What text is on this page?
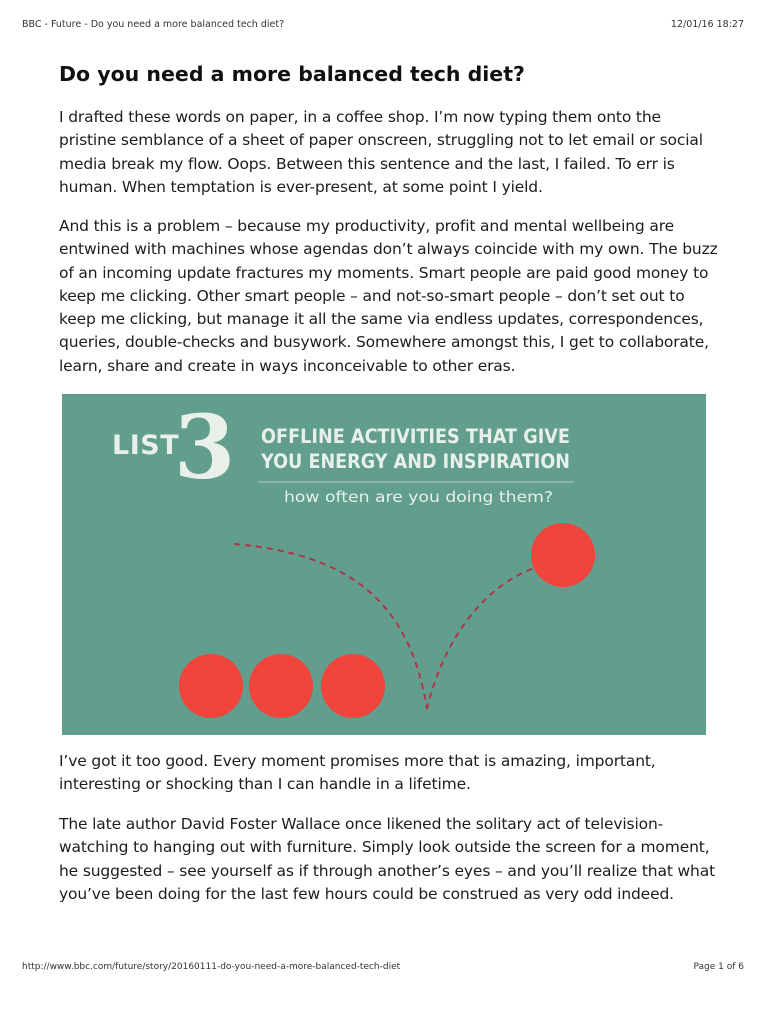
BBC - Future - Do you need a more balanced tech diet?	12/01/16 18:27
Do you need a more balanced tech diet?

I drafted these words on paper, in a coffee shop. I’m now typing them onto the pristine semblance of a sheet of paper onscreen, struggling not to let email or social media break my flow. Oops. Between this sentence and the last, I failed. To err is human. When temptation is ever-present, at some point I yield.

And this is a problem – because my productivity, profit and mental wellbeing are entwined with machines whose agendas don’t always coincide with my own. The buzz of an incoming update fractures my moments. Smart people are paid good money to keep me clicking. Other smart people – and not-so-smart people – don’t set out to keep me clicking, but manage it all the same via endless updates, correspondences, queries, double-checks and busywork. Somewhere amongst this, I get to collaborate, learn, share and create in ways inconceivable to other eras.

I’ve got it too good. Every moment promises more that is amazing, important, interesting or shocking than I can handle in a lifetime.

The late author David Foster Wallace once likened the solitary act of television-watching to hanging out with furniture. Simply look outside the screen for a moment, he suggested – see yourself as if through another’s eyes – and you’ll realize that what you’ve been doing for the last few hours could be construed as very odd indeed.

LIST
3 OFFLINE ACTIVITIES THAT GIVE
YOU ENERGY AND INSPIRATION
how often are you doing them?
http://www.bbc.com/future/story/20160111-do-you-need-a-more-balanced-tech-diet	Page 1 of 6
